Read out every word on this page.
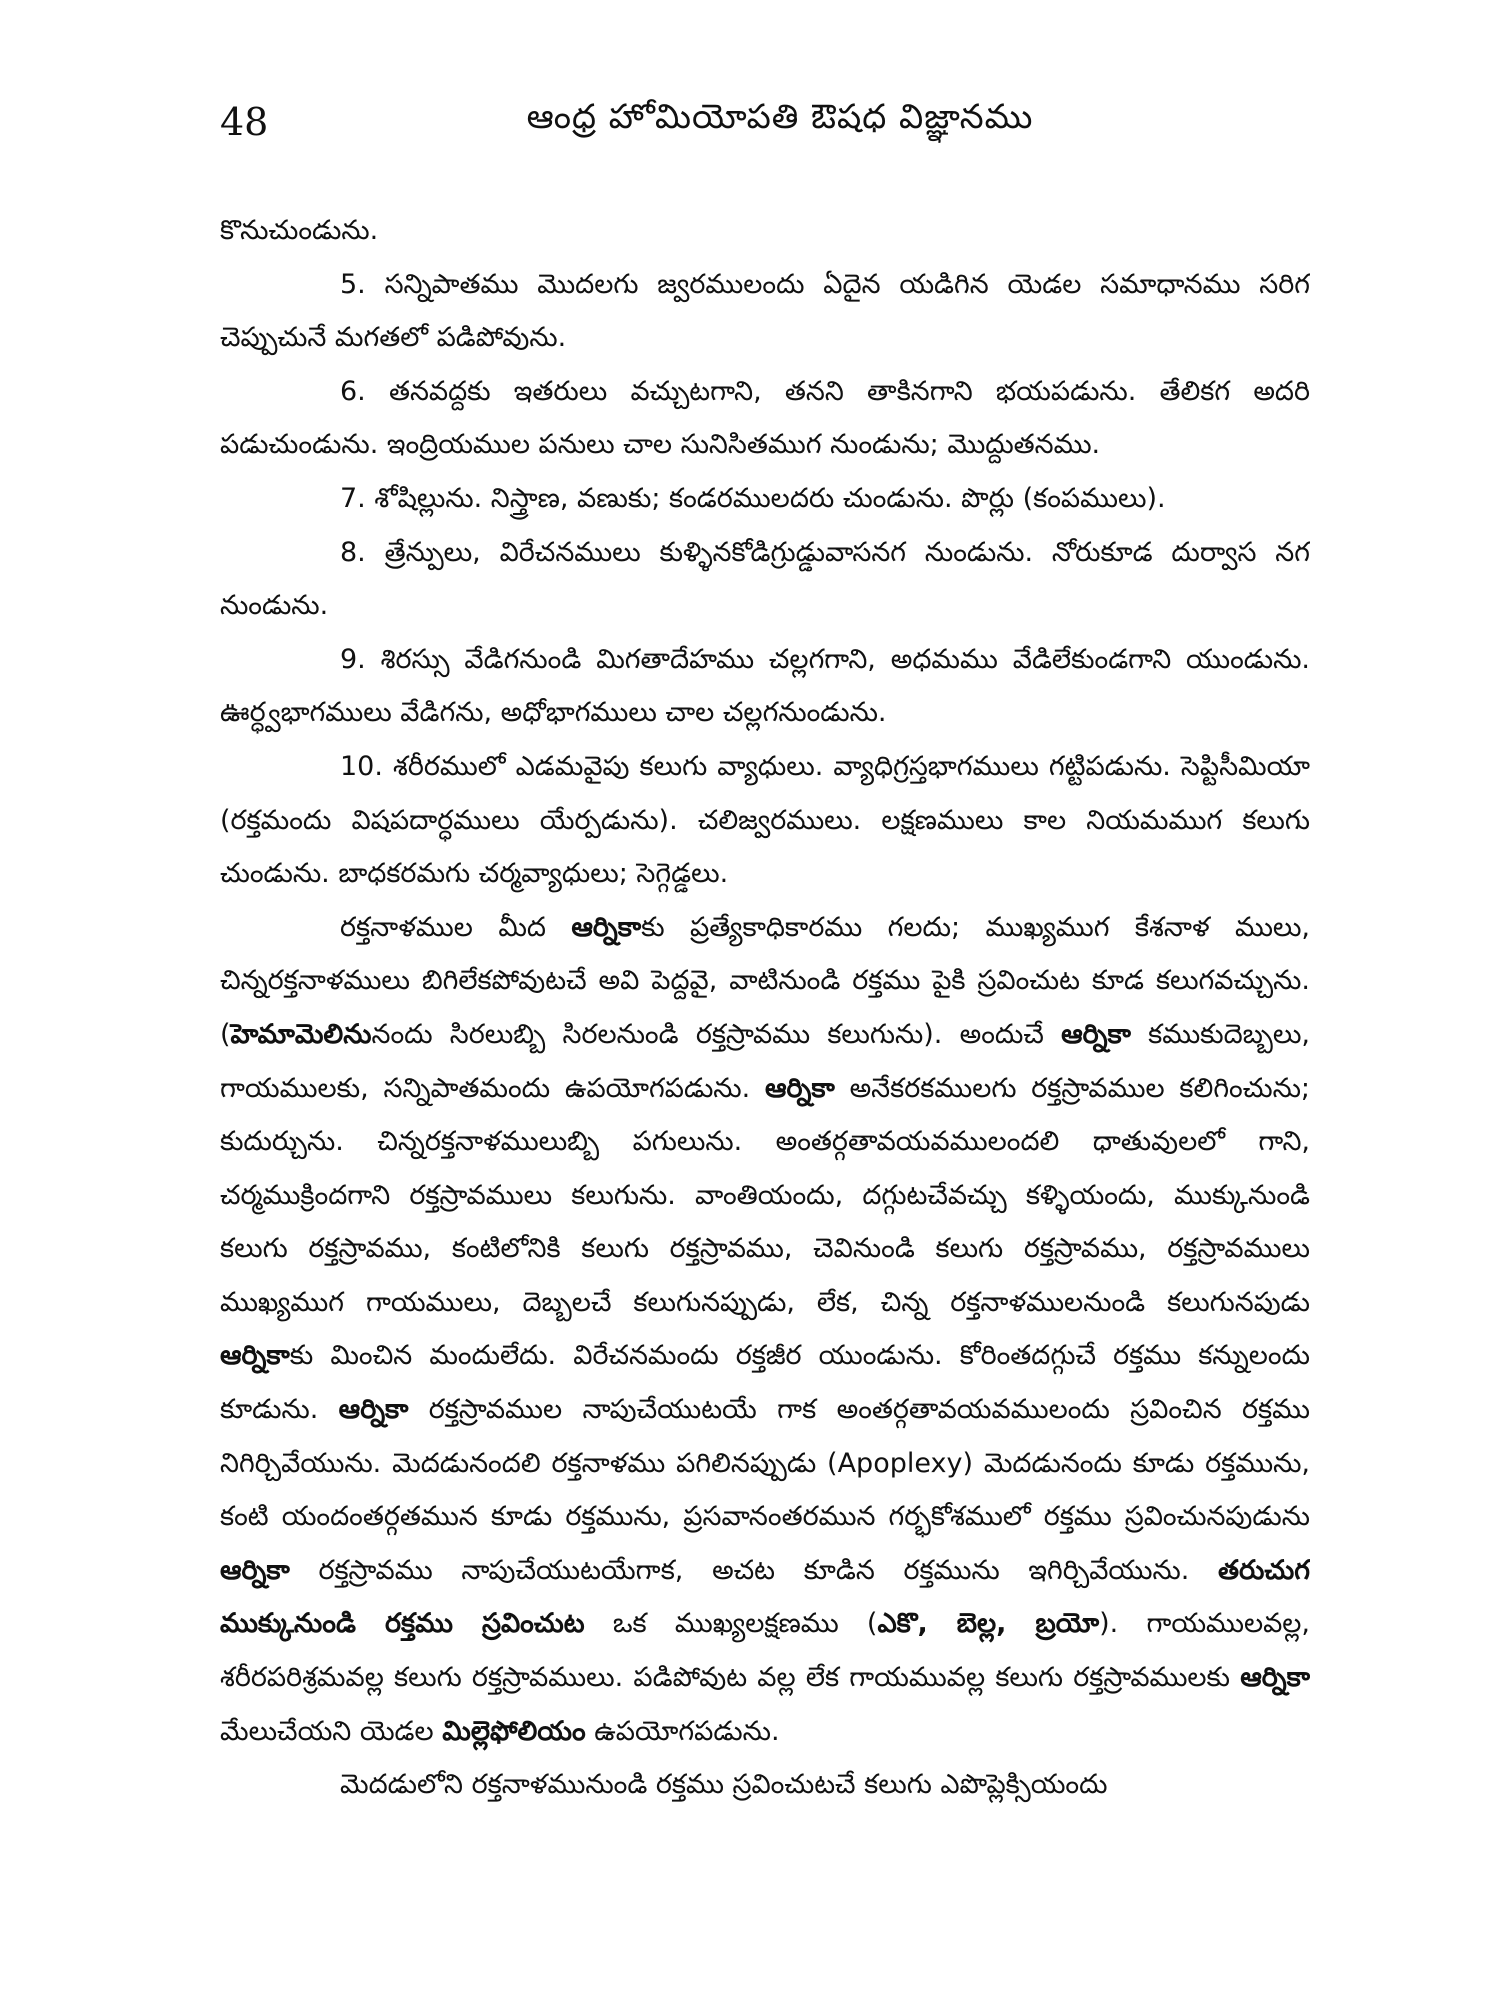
48	ఆంధ్ర హోమియోపతి ఔషధ విజ్ఞానము

కొనుచుండును.

5. సన్నిపాతము మొదలగు జ్వరములందు ఏదైన యడిగిన యెడల సమాధానము సరిగ చెప్పుచునే మగతలో పడిపోవును.

6. తనవద్దకు ఇతరులు వచ్చుటగాని, తనని తాకినగాని భయపడును. తేలికగ అదరి పడుచుండును. ఇంద్రియముల పనులు చాల సునిసితముగ నుండును; మొద్దుతనము.

7. శోషిల్లును. నిస్త్రాణ, వణుకు; కండరములదరు చుండును. పొర్లు (కంపములు).

8. త్రేన్పులు, విరేచనములు కుళ్ళినకోడిగ్రుడ్డువాసనగ నుండును. నోరుకూడ దుర్వాస నగ నుండును.

9. శిరస్సు వేడిగనుండి మిగతాదేహము చల్లగగాని, అధమము వేడిలేకుండగాని యుండును. ఊర్ధ్వభాగములు వేడిగను, అధోభాగములు చాల చల్లగనుండును.

10. శరీరములో ఎడమవైపు కలుగు వ్యాధులు. వ్యాధిగ్రస్తభాగములు గట్టిపడును. సెప్టిసీమియా (రక్తమందు విషపదార్ధములు యేర్పడును). చలిజ్వరములు. లక్షణములు కాల నియమముగ కలుగు చుండును. బాధకరమగు చర్మవ్యాధులు; సెగ్గెడ్డలు.

రక్తనాళముల మీద ఆర్నికాకు ప్రత్యేకాధికారము గలదు; ముఖ్యముగ కేశనాళ ములు, చిన్నరక్తనాళములు బిగిలేకపోవుటచే అవి పెద్దవై, వాటినుండి రక్తము పైకి స్రవించుట కూడ కలుగవచ్చును. (హెమామెలినునందు సిరలుబ్బి సిరలనుండి రక్తస్రావము కలుగును). అందుచే ఆర్నికా కముకుదెబ్బలు, గాయములకు, సన్నిపాతమందు ఉపయోగపడును. ఆర్నికా అనేకరకములగు రక్తస్రావముల కలిగించును; కుదుర్చును. చిన్నరక్తనాళములుబ్బి పగులును. అంతర్గతావయవములందలి ధాతువులలో గాని, చర్మముక్రిందగాని రక్తస్రావములు కలుగును. వాంతియందు, దగ్గుటచేవచ్చు కళ్ళియందు, ముక్కునుండి కలుగు రక్తస్రావము, కంటిలోనికి కలుగు రక్తస్రావము, చెవినుండి కలుగు రక్తస్రావము, రక్తస్రావములు ముఖ్యముగ గాయములు, దెబ్బలచే కలుగునప్పుడు, లేక, చిన్న రక్తనాళములనుండి కలుగునపుడు ఆర్నికాకు మించిన మందులేదు. విరేచనమందు రక్తజీర యుండును. కోరింతదగ్గుచే రక్తము కన్నులందు కూడును. ఆర్నికా రక్తస్రావముల నాపుచేయుటయే గాక అంతర్గతావయవములందు స్రవించిన రక్తము నిగిర్చివేయును. మెదడునందలి రక్తనాళము పగిలినప్పుడు (Apoplexy) మెదడునందు కూడు రక్తమును, కంటి యందంతర్గతమున కూడు రక్తమును, ప్రసవానంతరమున గర్భకోశములో రక్తము స్రవించునపుడును ఆర్నికా రక్తస్రావము నాపుచేయుటయేగాక, అచట కూడిన రక్తమును ఇగిర్చివేయును. తరుచుగ ముక్కునుండి రక్తము స్రవించుట ఒక ముఖ్యలక్షణము (ఎకొ, బెల్ల, బ్రయో). గాయములవల్ల, శరీరపరిశ్రమవల్ల కలుగు రక్తస్రావములు. పడిపోవుట వల్ల లేక గాయమువల్ల కలుగు రక్తస్రావములకు ఆర్నికా మేలుచేయని యెడల మిల్లెఫోలియం ఉపయోగపడును.

మెదడులోని రక్తనాళమునుండి రక్తము స్రవించుటచే కలుగు ఎపొప్లెక్సియందు
